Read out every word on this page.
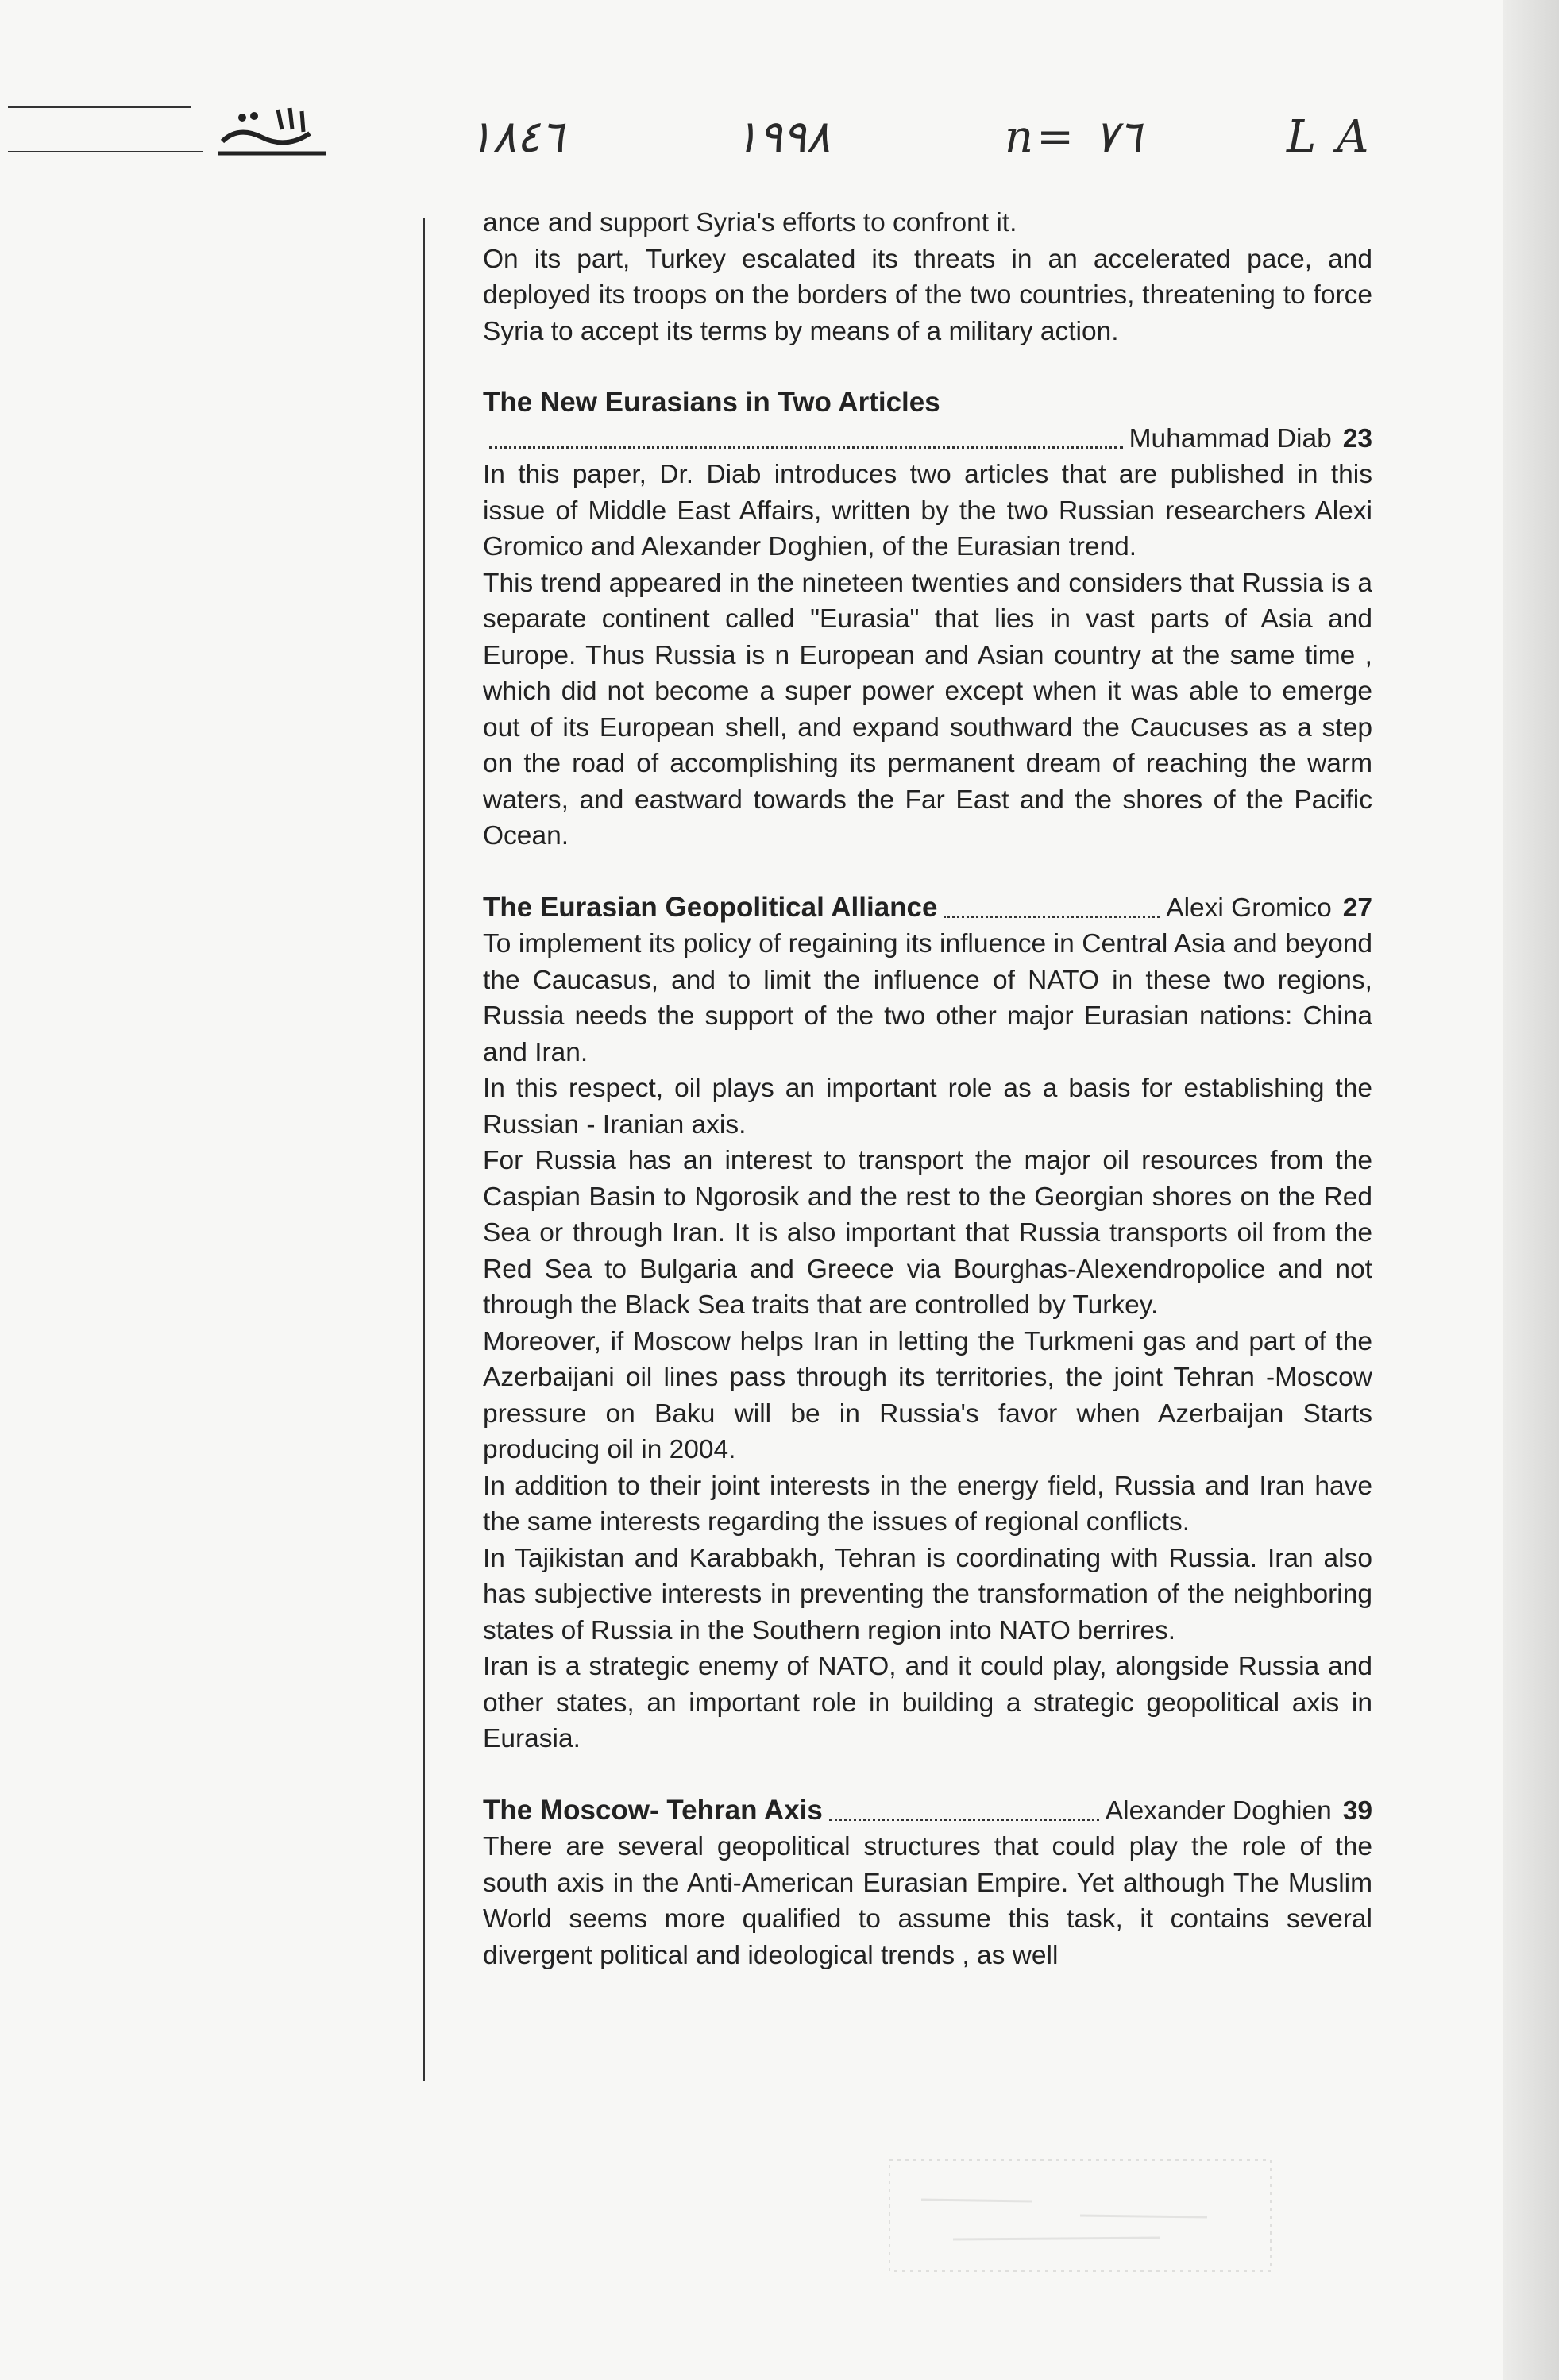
١٨٤٦	١٩٩٨	n= ٧٦	L A

ance and support Syria's efforts to confront it.

On its part, Turkey escalated its threats in an accelerated pace, and deployed its troops on the borders of the two countries, threatening to force Syria to accept its terms by means of a military action.

The New Eurasians in Two Articles
Muhammad Diab 23

In this paper, Dr. Diab introduces two articles that are published in this issue of Middle East Affairs, written by the two Russian researchers Alexi Gromico and Alexander Doghien, of the Eurasian trend.

This trend appeared in the nineteen twenties and considers that Russia is a separate continent called "Eurasia" that lies in vast parts of Asia and Europe. Thus Russia is n European and Asian country at the same time , which did not become a super power except when it was able to emerge out of its European shell, and expand southward the Caucuses as a step on the road of accomplishing its permanent dream of reaching the warm waters, and eastward towards the Far East and the shores of the Pacific Ocean.

The Eurasian Geopolitical Alliance	Alexi Gromico 27

To implement its policy of regaining its influence in Central Asia and beyond the Caucasus, and to limit the influence of NATO in these two regions, Russia needs the support of the two other major Eurasian nations: China and Iran.

In this respect, oil plays an important role as a basis for establishing the Russian - Iranian axis.

For Russia has an interest to transport the major oil resources from the Caspian Basin to Ngorosik and the rest to the Georgian shores on the Red Sea or through Iran. It is also important that Russia transports oil from the Red Sea to Bulgaria and Greece via Bourghas-Alexendropolice and not through the Black Sea traits that are controlled by Turkey.

Moreover, if Moscow helps Iran in letting the Turkmeni gas and part of the Azerbaijani oil lines pass through its territories, the joint Tehran -Moscow pressure on Baku will be in Russia's favor when Azerbaijan Starts producing oil in 2004.

In addition to their joint interests in the energy field, Russia and Iran have the same interests regarding the issues of regional conflicts.

In Tajikistan and Karabbakh, Tehran is coordinating with Russia. Iran also has subjective interests in preventing the transformation of the neighboring states of Russia in the Southern region into NATO berrires.

Iran is a strategic enemy of NATO, and it could play, alongside Russia and other states, an important role in building a strategic geopolitical axis in Eurasia.

The Moscow- Tehran Axis	Alexander Doghien 39

There are several geopolitical structures that could play the role of the south axis in the Anti-American Eurasian Empire. Yet although The Muslim World seems more qualified to assume this task, it contains several divergent political and ideological trends , as well
